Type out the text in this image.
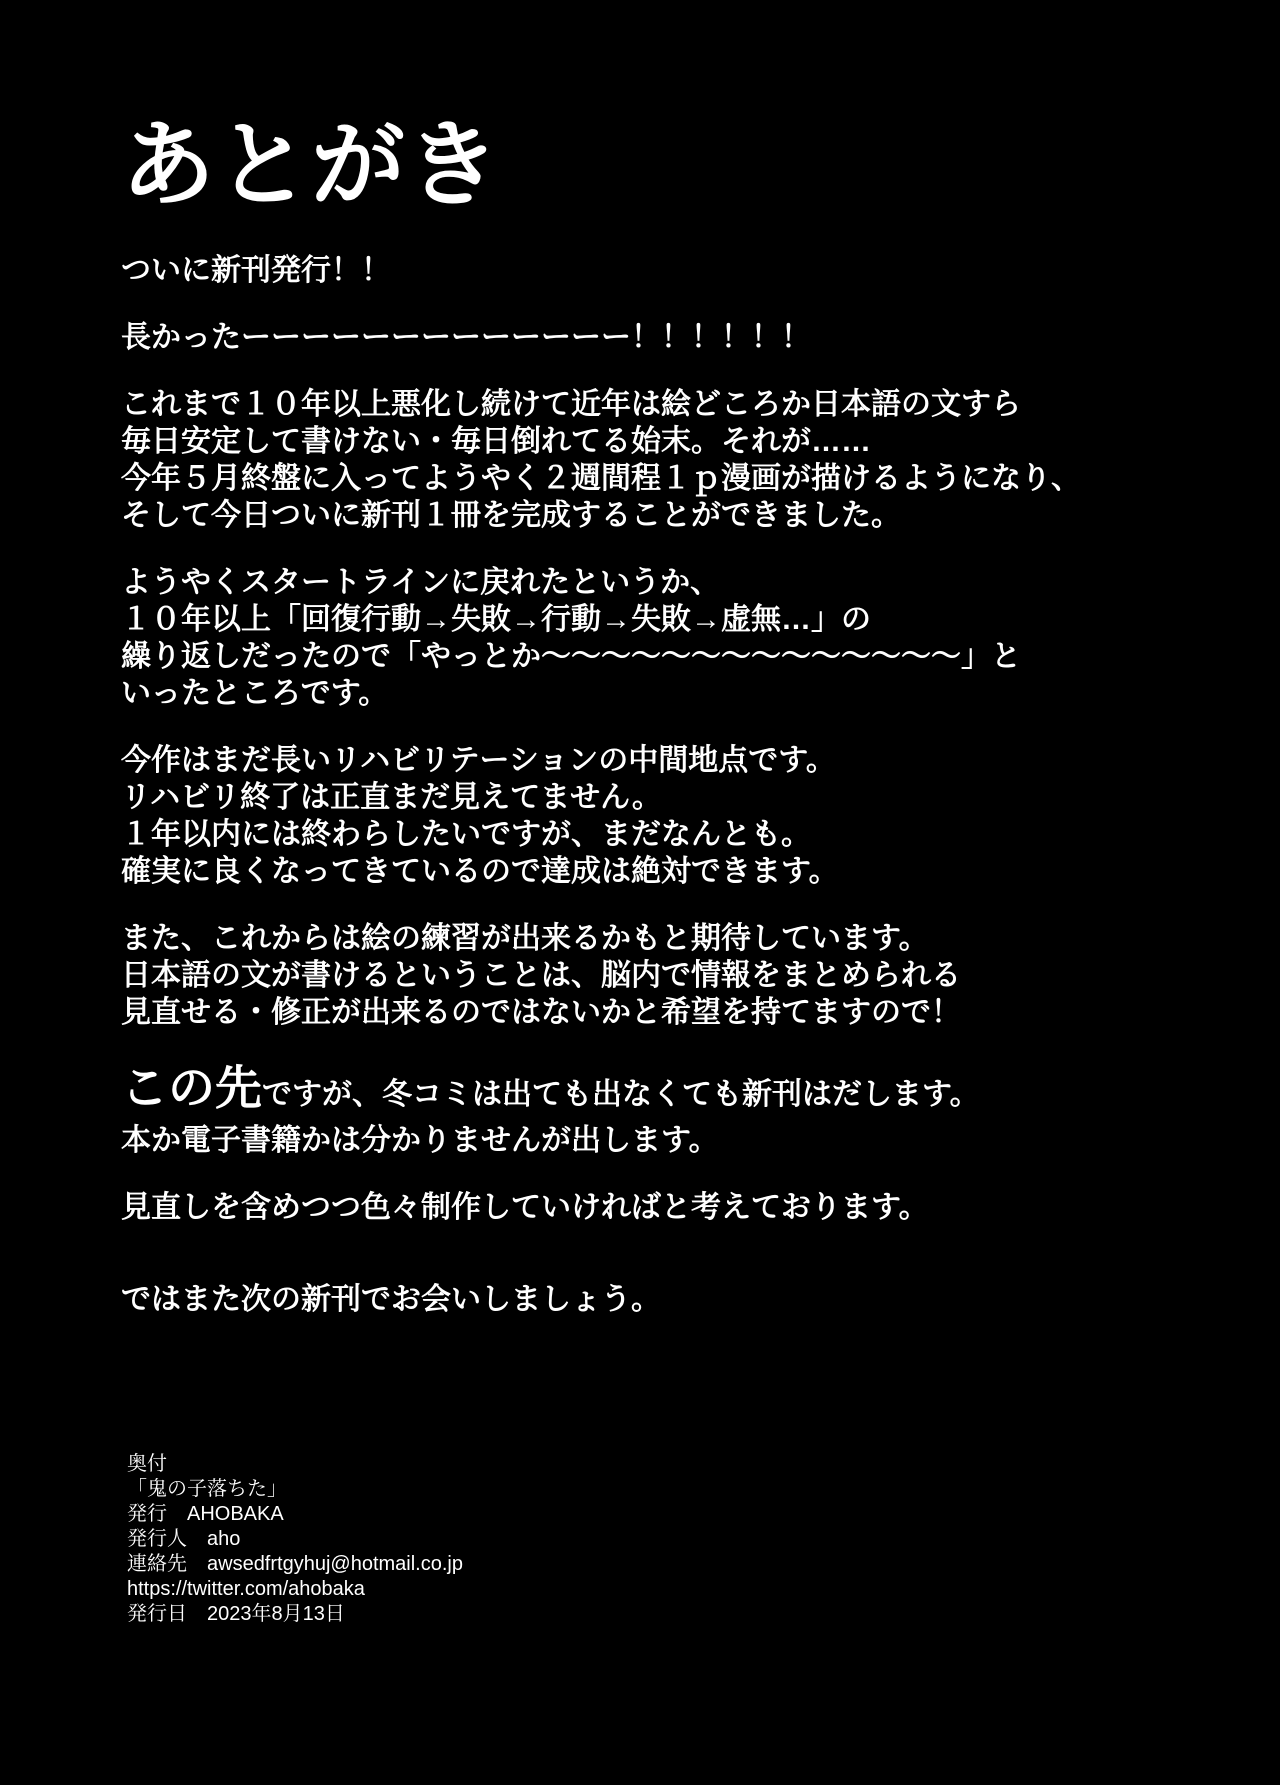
あとがき
ついに新刊発行！！
長かったーーーーーーーーーーーーー！！！！！！
これまで１０年以上悪化し続けて近年は絵どころか日本語の文すら
毎日安定して書けない・毎日倒れてる始末。それが……
今年５月終盤に入ってようやく２週間程１ｐ漫画が描けるようになり、
そして今日ついに新刊１冊を完成することができました。
ようやくスタートラインに戻れたというか、
１０年以上「回復行動→失敗→行動→失敗→虚無…」の
繰り返しだったので「やっとか～～～～～～～～～～～～～～」と
いったところです。
今作はまだ長いリハビリテーションの中間地点です。
リハビリ終了は正直まだ見えてません。
１年以内には終わらしたいですが、まだなんとも。
確実に良くなってきているので達成は絶対できます。
また、これからは絵の練習が出来るかもと期待しています。
日本語の文が書けるということは、脳内で情報をまとめられる
見直せる・修正が出来るのではないかと希望を持てますので！
この先ですが、冬コミは出ても出なくても新刊はだします。
本か電子書籍かは分かりませんが出します。
見直しを含めつつ色々制作していければと考えております。
ではまた次の新刊でお会いしましょう。
奥付
「鬼の子落ちた」
発行　AHOBAKA
発行人　aho
連絡先　awsedfrtgyhuj@hotmail.co.jp
https://twitter.com/ahobaka
発行日　2023年8月13日
